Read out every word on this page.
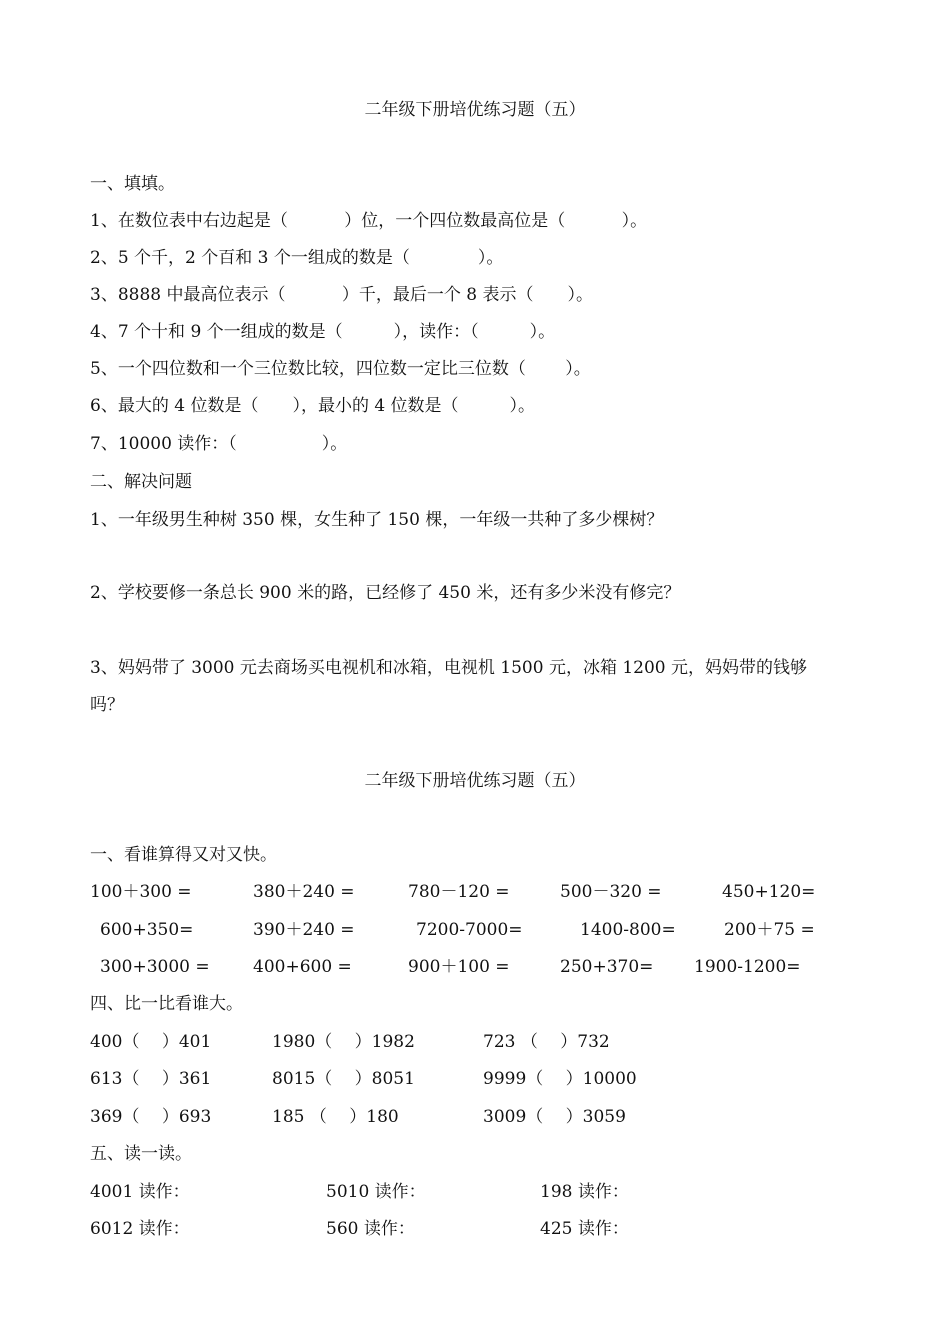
二年级下册培优练习题（五）
一、填填。
1、在数位表中右边起是（　　　 ）位，一个四位数最高位是（　　　 ）。
2、5 个千，2 个百和 3 个一组成的数是（　　　　）。
3、8888 中最高位表示（　　　 ）千，最后一个 8 表示（　　）。
4、7 个十和 9 个一组成的数是（　　　），读作：（　　　）。
5、一个四位数和一个三位数比较，四位数一定比三位数（　　 ）。
6、最大的 4 位数是（　　），最小的 4 位数是（　　　）。
7、10000 读作：（　　　　　）。
二、解决问题
1、一年级男生种树 350 棵，女生种了 150 棵，一年级一共种了多少棵树？
2、学校要修一条总长 900 米的路，已经修了 450 米，还有多少米没有修完？
3、妈妈带了 3000 元去商场买电视机和冰箱，电视机 1500 元，冰箱 1200 元，妈妈带的钱够
吗？
二年级下册培优练习题（五）
一、看谁算得又对又快。
100＋300 =	380＋240 =	780－120 =	500－320 =	450+120=
600+350=	390＋240 =	7200-7000=	1400-800=	200＋75 =
300+3000 =	400+600 =	900＋100 =	250+370= 1900-1200=
四、比一比看谁大。
400（　 ）401	1980（　 ）1982	723 （　 ）732
613（　 ）361	8015（　 ）8051	9999（　 ）10000
369（　 ）693	185 （　 ）180	3009（　 ）3059
五、读一读。
4001 读作：	5010 读作：	198 读作：
6012 读作：	560 读作：	425 读作：
